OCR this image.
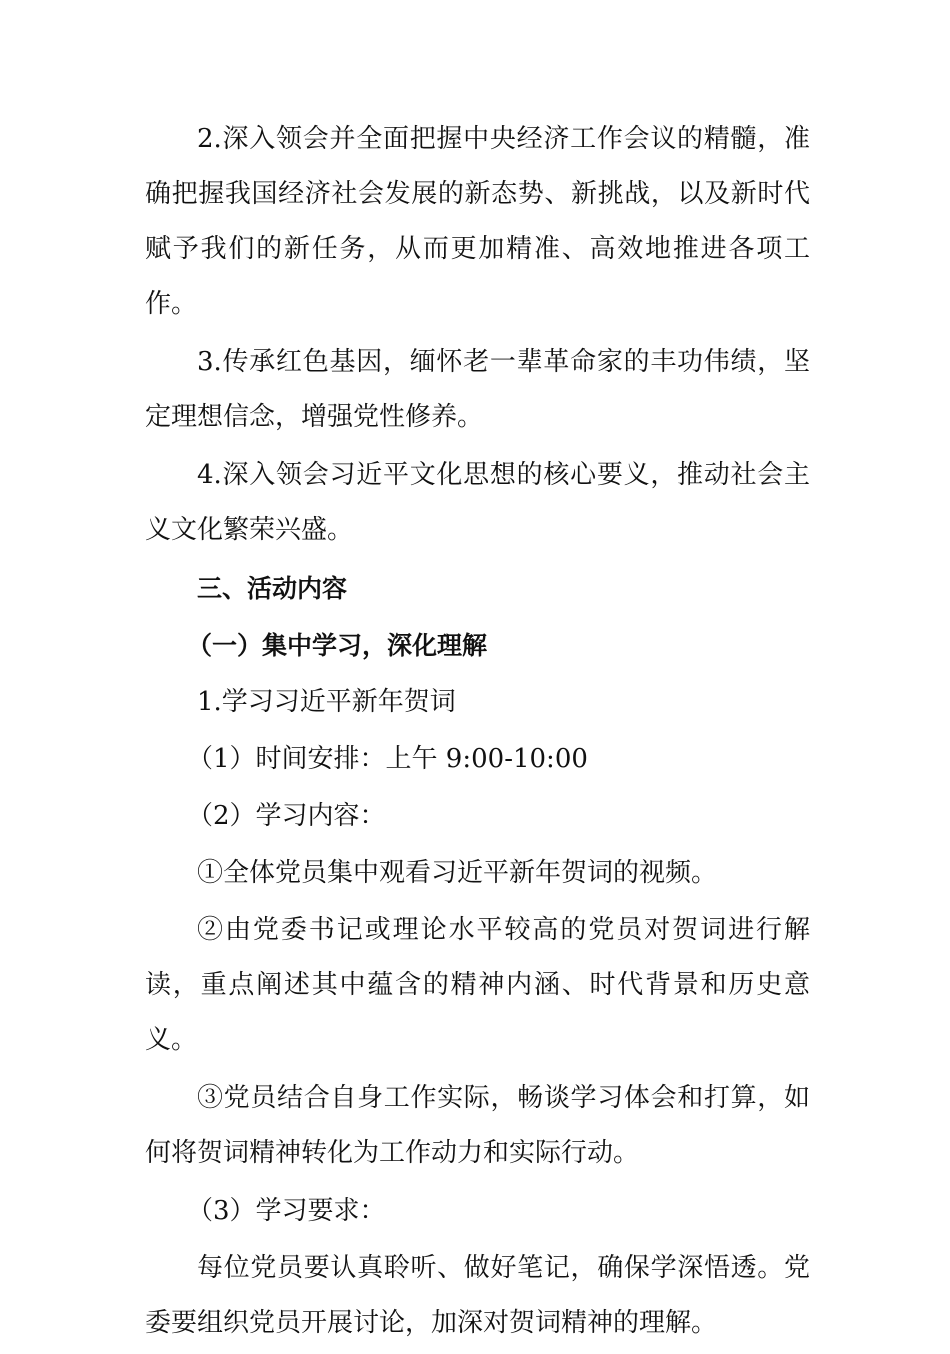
2.深入领会并全面把握中央经济工作会议的精髓，准确把握我国经济社会发展的新态势、新挑战，以及新时代赋予我们的新任务，从而更加精准、高效地推进各项工作。

3.传承红色基因，缅怀老一辈革命家的丰功伟绩，坚定理想信念，增强党性修养。

4.深入领会习近平文化思想的核心要义，推动社会主义文化繁荣兴盛。

三、活动内容

（一）集中学习，深化理解

1.学习习近平新年贺词

（1）时间安排：上午 9:00-10:00

（2）学习内容：

①全体党员集中观看习近平新年贺词的视频。

②由党委书记或理论水平较高的党员对贺词进行解读，重点阐述其中蕴含的精神内涵、时代背景和历史意义。

③党员结合自身工作实际，畅谈学习体会和打算，如何将贺词精神转化为工作动力和实际行动。

（3）学习要求：

每位党员要认真聆听、做好笔记，确保学深悟透。党委要组织党员开展讨论，加深对贺词精神的理解。
